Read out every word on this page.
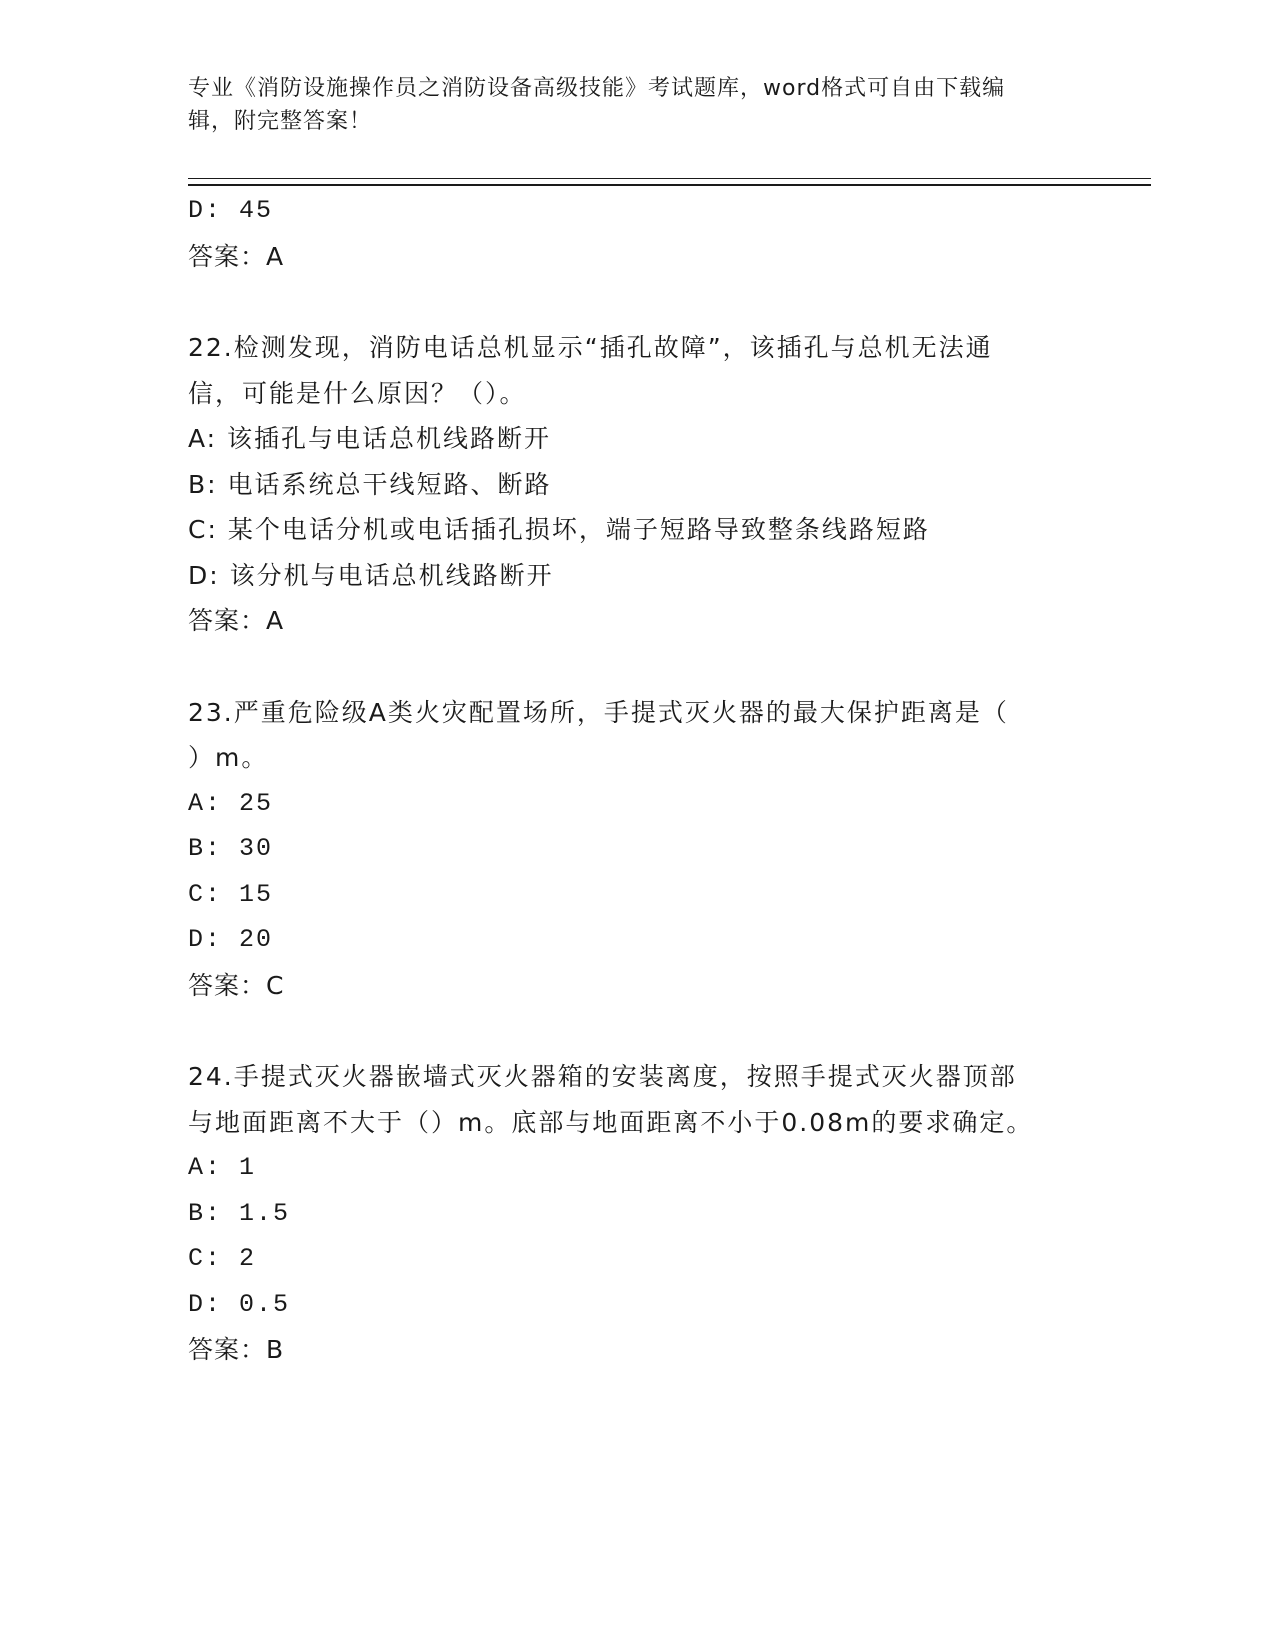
专业《消防设施操作员之消防设备高级技能》考试题库，word格式可自由下载编
辑，附完整答案！
D: 45
答案：A
22.检测发现，消防电话总机显示“插孔故障”，该插孔与总机无法通
信，可能是什么原因？（）。
A: 该插孔与电话总机线路断开
B: 电话系统总干线短路、断路
C: 某个电话分机或电话插孔损坏，端子短路导致整条线路短路
D: 该分机与电话总机线路断开
答案：A
23.严重危险级A类火灾配置场所，手提式灭火器的最大保护距离是（
）m。
A: 25
B: 30
C: 15
D: 20
答案：C
24.手提式灭火器嵌墙式灭火器箱的安装离度，按照手提式灭火器顶部
与地面距离不大于（）m。底部与地面距离不小于0.08m的要求确定。
A: 1
B: 1.5
C: 2
D: 0.5
答案：B
